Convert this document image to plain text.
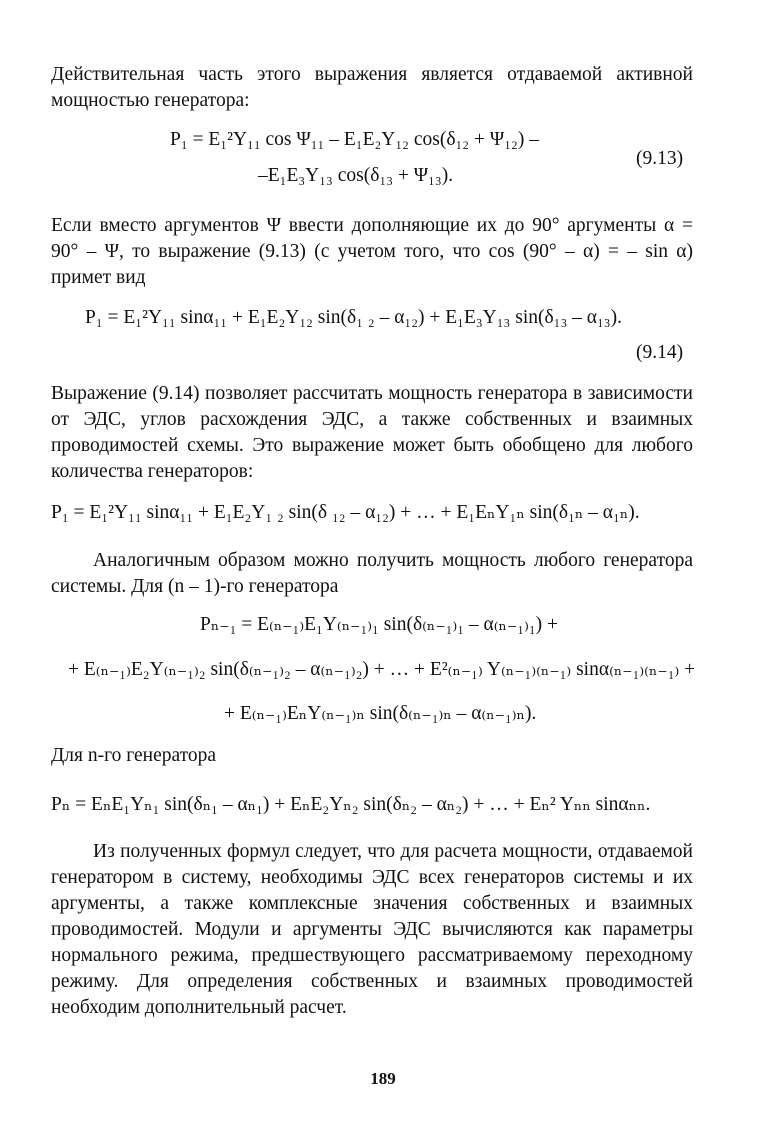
Действительная часть этого выражения является отдаваемой активной мощностью генератора:

P₁ = E₁²Y₁₁ cos Ψ₁₁ – E₁E₂Y₁₂ cos(δ₁₂ + Ψ₁₂) –

–E₁E₃Y₁₃ cos(δ₁₃ + Ψ₁₃).

(9.13)

Если вместо аргументов Ψ ввести дополняющие их до 90° аргументы α = 90° – Ψ, то выражение (9.13) (с учетом того, что cos (90° – α) = – sin α) примет вид

P₁ = E₁²Y₁₁ sinα₁₁ + E₁E₂Y₁₂ sin(δ₁ ₂ – α₁₂) + E₁E₃Y₁₃ sin(δ₁₃ – α₁₃).

(9.14)

Выражение (9.14) позволяет рассчитать мощность генератора в зависимости от ЭДС, углов расхождения ЭДС, а также собственных и взаимных проводимостей схемы. Это выражение может быть обобщено для любого количества генераторов:

P₁ = E₁²Y₁₁ sinα₁₁ + E₁E₂Y₁ ₂ sin(δ ₁₂ – α₁₂) + … + E₁EₙY₁ₙ sin(δ₁ₙ – α₁ₙ).

Аналогичным образом можно получить мощность любого генератора системы. Для (n – 1)-го генератора

Pₙ₋₁ = E₍ₙ₋₁₎E₁Y₍ₙ₋₁₎₁ sin(δ₍ₙ₋₁₎₁ – α₍ₙ₋₁₎₁) +

+ E₍ₙ₋₁₎E₂Y₍ₙ₋₁₎₂ sin(δ₍ₙ₋₁₎₂ – α₍ₙ₋₁₎₂) + … + E²₍ₙ₋₁₎ Y₍ₙ₋₁₎₍ₙ₋₁₎ sinα₍ₙ₋₁₎₍ₙ₋₁₎ +

+ E₍ₙ₋₁₎EₙY₍ₙ₋₁₎ₙ sin(δ₍ₙ₋₁₎ₙ – α₍ₙ₋₁₎ₙ).

Для n-го генератора

Pₙ = EₙE₁Yₙ₁ sin(δₙ₁ – αₙ₁) + EₙE₂Yₙ₂ sin(δₙ₂ – αₙ₂) + … + Eₙ² Yₙₙ sinαₙₙ.

Из полученных формул следует, что для расчета мощности, отдаваемой генератором в систему, необходимы ЭДС всех генераторов системы и их аргументы, а также комплексные значения собственных и взаимных проводимостей. Модули и аргументы ЭДС вычисляются как параметры нормального режима, предшествующего рассматриваемому переходному режиму. Для определения собственных и взаимных проводимостей необходим дополнительный расчет.

189
